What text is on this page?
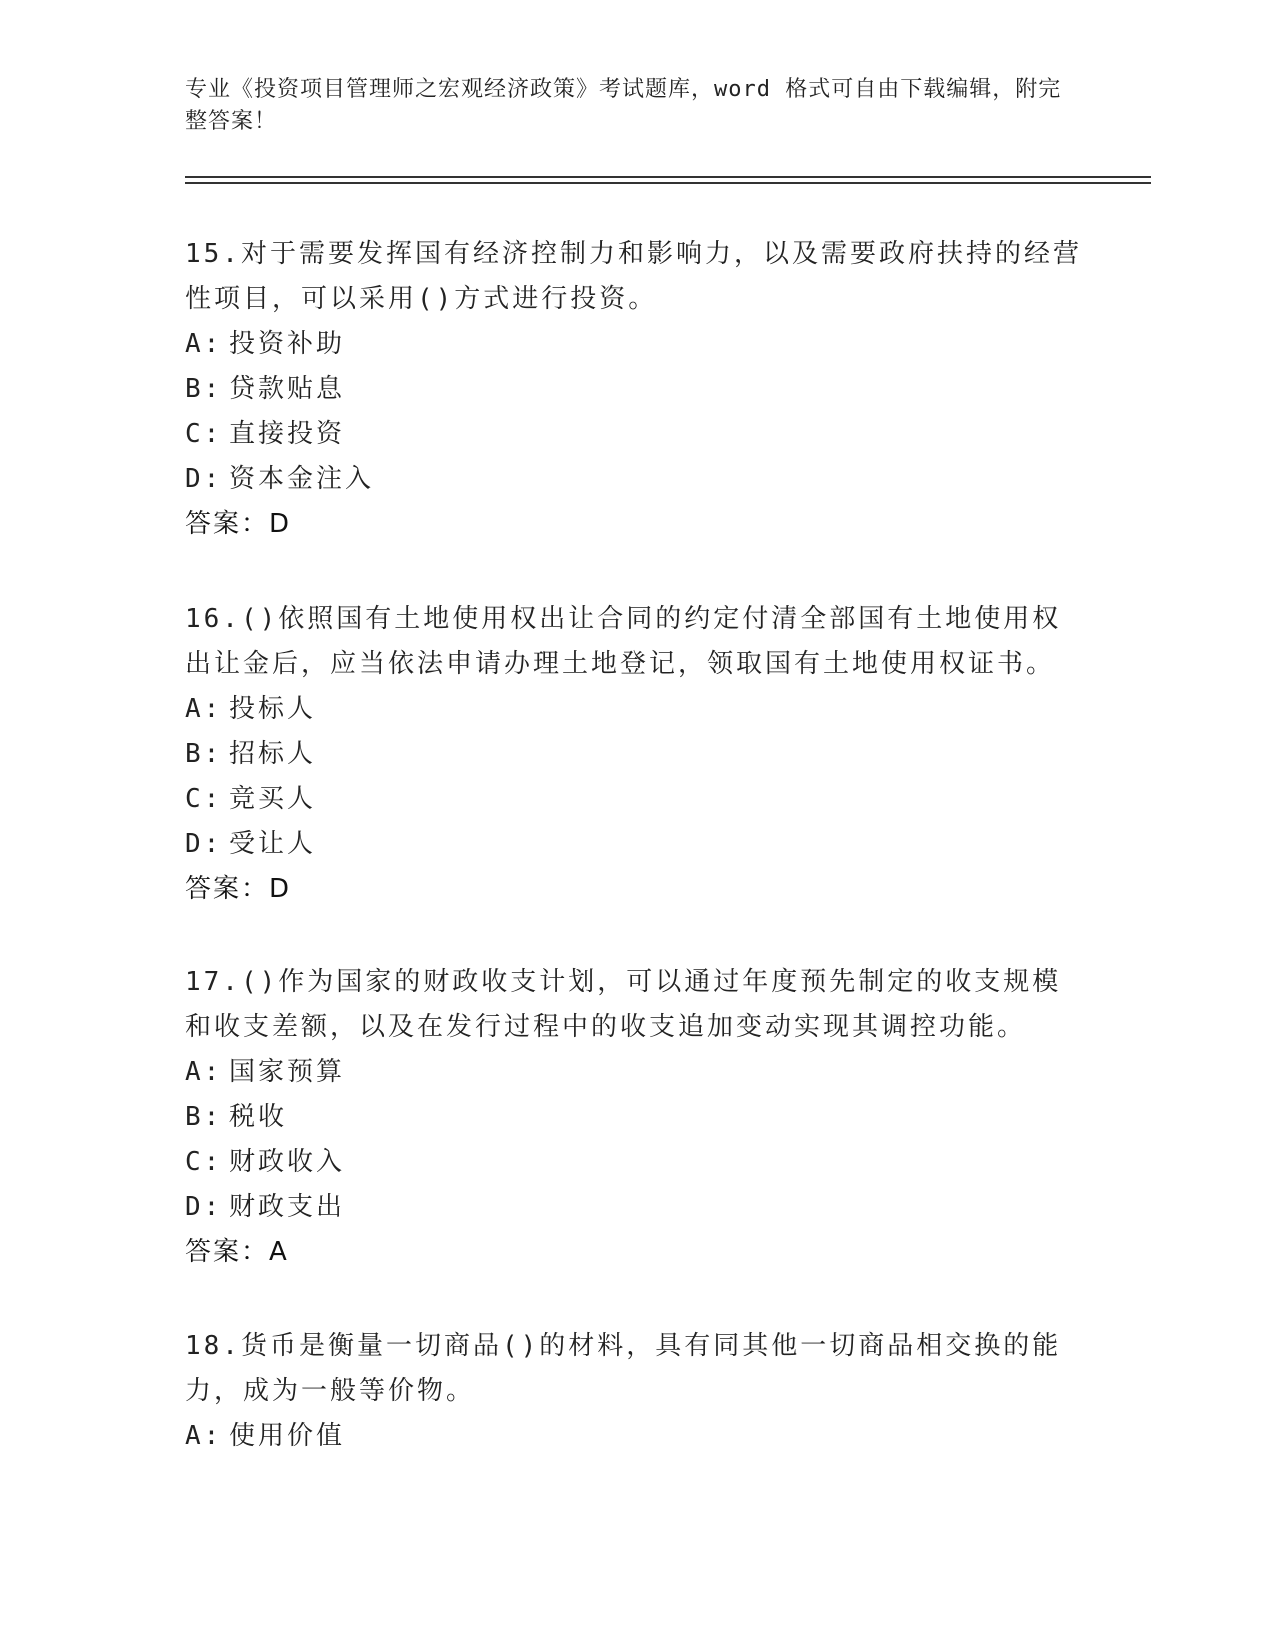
专业《投资项目管理师之宏观经济政策》考试题库，word 格式可自由下载编辑，附完整答案！

15.对于需要发挥国有经济控制力和影响力，以及需要政府扶持的经营性项目，可以采用()方式进行投资。

A: 投资补助

B: 贷款贴息

C: 直接投资

D: 资本金注入

答案：D

16.()依照国有土地使用权出让合同的约定付清全部国有土地使用权出让金后，应当依法申请办理土地登记，领取国有土地使用权证书。

A: 投标人

B: 招标人

C: 竞买人

D: 受让人

答案：D

17.()作为国家的财政收支计划，可以通过年度预先制定的收支规模和收支差额，以及在发行过程中的收支追加变动实现其调控功能。

A: 国家预算

B: 税收

C: 财政收入

D: 财政支出

答案：A

18.货币是衡量一切商品()的材料，具有同其他一切商品相交换的能力，成为一般等价物。

A: 使用价值
